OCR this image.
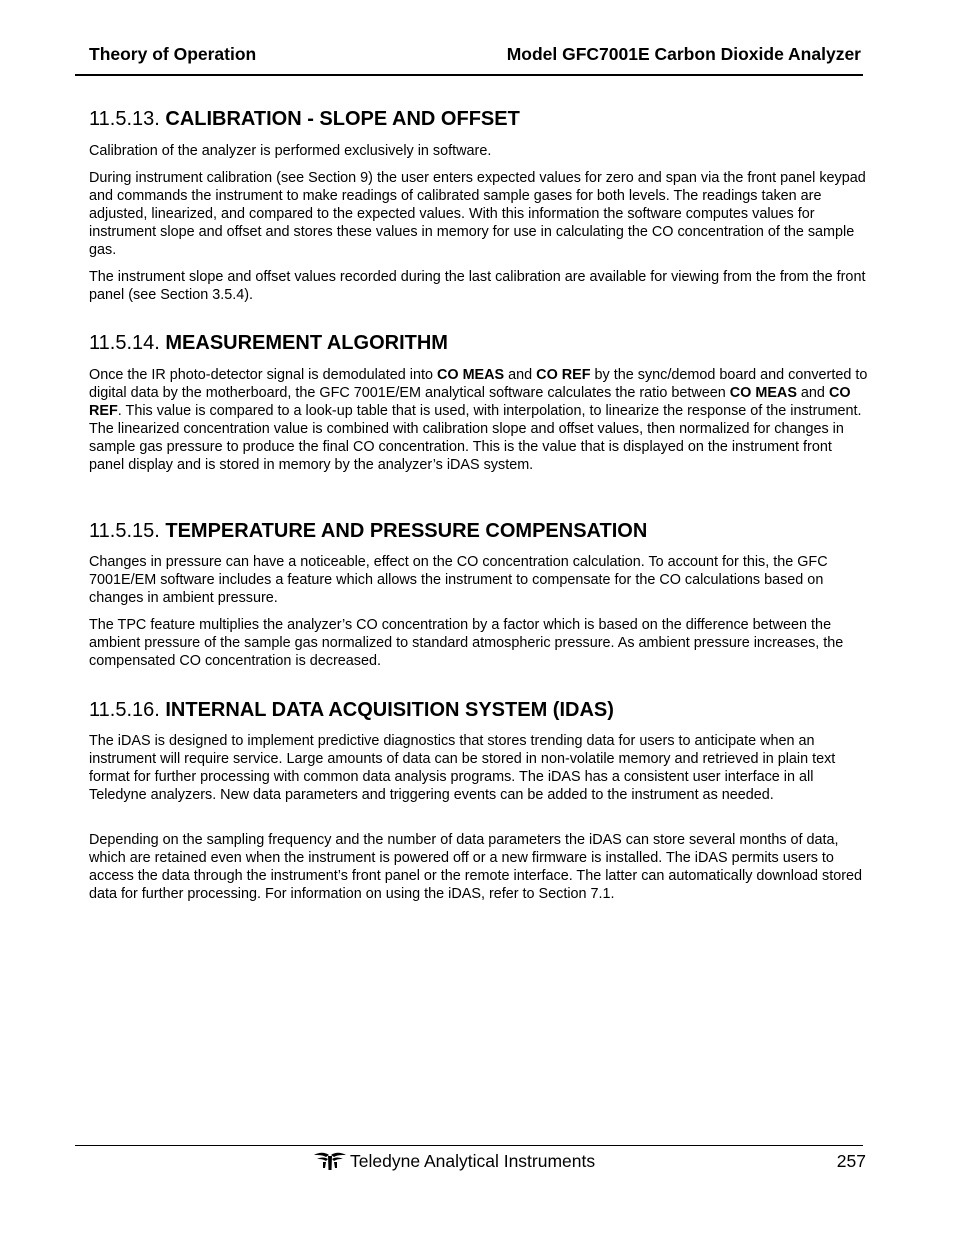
Theory of Operation	Model GFC7001E Carbon Dioxide Analyzer
11.5.13. CALIBRATION - SLOPE AND OFFSET

Calibration of the analyzer is performed exclusively in software.

During instrument calibration (see Section 9) the user enters expected values for zero and span via the front panel keypad and commands the instrument to make readings of calibrated sample gases for both levels. The readings taken are adjusted, linearized, and compared to the expected values. With this information the software computes values for instrument slope and offset and stores these values in memory for use in calculating the CO concentration of the sample gas.

The instrument slope and offset values recorded during the last calibration are available for viewing from the from the front panel (see Section 3.5.4).

11.5.14. MEASUREMENT ALGORITHM

Once the IR photo-detector signal is demodulated into CO MEAS and CO REF by the sync/demod board and converted to digital data by the motherboard, the GFC 7001E/EM analytical software calculates the ratio between CO MEAS and CO REF. This value is compared to a look-up table that is used, with interpolation, to linearize the response of the instrument. The linearized concentration value is combined with calibration slope and offset values, then normalized for changes in sample gas pressure to produce the final CO concentration. This is the value that is displayed on the instrument front panel display and is stored in memory by the analyzer’s iDAS system.

11.5.15. TEMPERATURE AND PRESSURE COMPENSATION

Changes in pressure can have a noticeable, effect on the CO concentration calculation. To account for this, the GFC 7001E/EM software includes a feature which allows the instrument to compensate for the CO calculations based on changes in ambient pressure.

The TPC feature multiplies the analyzer’s CO concentration by a factor which is based on the difference between the ambient pressure of the sample gas normalized to standard atmospheric pressure. As ambient pressure increases, the compensated CO concentration is decreased.

11.5.16. INTERNAL DATA ACQUISITION SYSTEM (IDAS)

The iDAS is designed to implement predictive diagnostics that stores trending data for users to anticipate when an instrument will require service. Large amounts of data can be stored in non-volatile memory and retrieved in plain text format for further processing with common data analysis programs. The iDAS has a consistent user interface in all Teledyne analyzers. New data parameters and triggering events can be added to the instrument as needed.

Depending on the sampling frequency and the number of data parameters the iDAS can store several months of data, which are retained even when the instrument is powered off or a new firmware is installed. The iDAS permits users to access the data through the instrument’s front panel or the remote interface. The latter can automatically download stored data for further processing. For information on using the iDAS, refer to Section 7.1.

Teledyne Analytical Instruments	257
